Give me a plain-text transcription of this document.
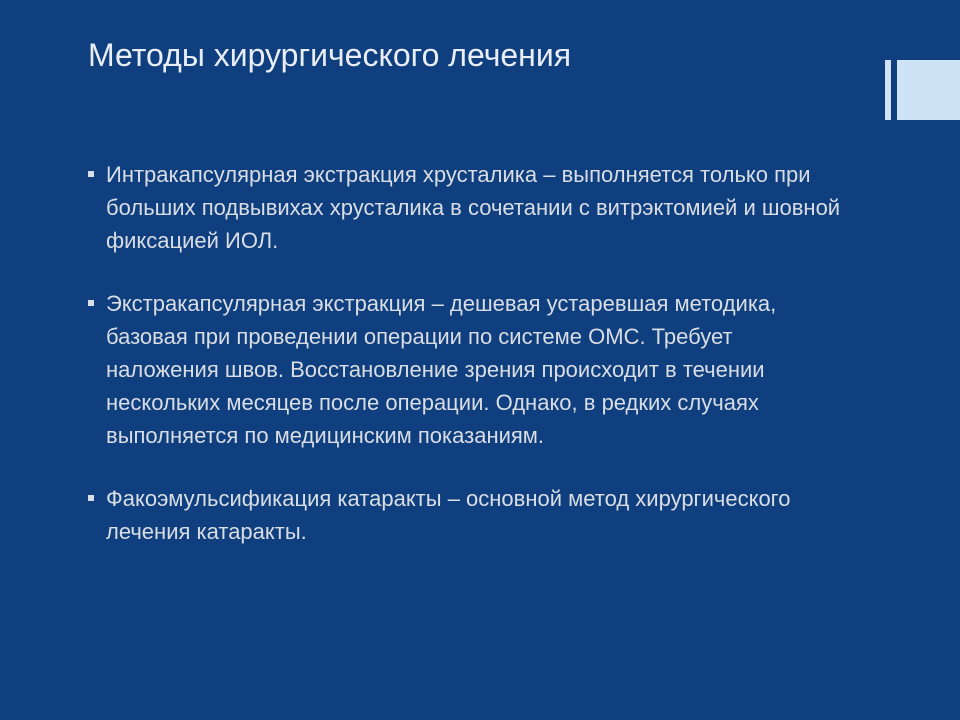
Методы хирургического лечения
Интракапсулярная экстракция хрусталика – выполняется только при больших подвывихах хрусталика в сочетании с витрэктомией и шовной фиксацией ИОЛ.
Экстракапсулярная экстракция – дешевая устаревшая методика, базовая при проведении операции по системе ОМС. Требует наложения швов. Восстановление зрения происходит в течении нескольких месяцев после операции. Однако, в редких случаях выполняется по медицинским показаниям.
Факоэмульсификация катаракты – основной метод хирургического лечения катаракты.
